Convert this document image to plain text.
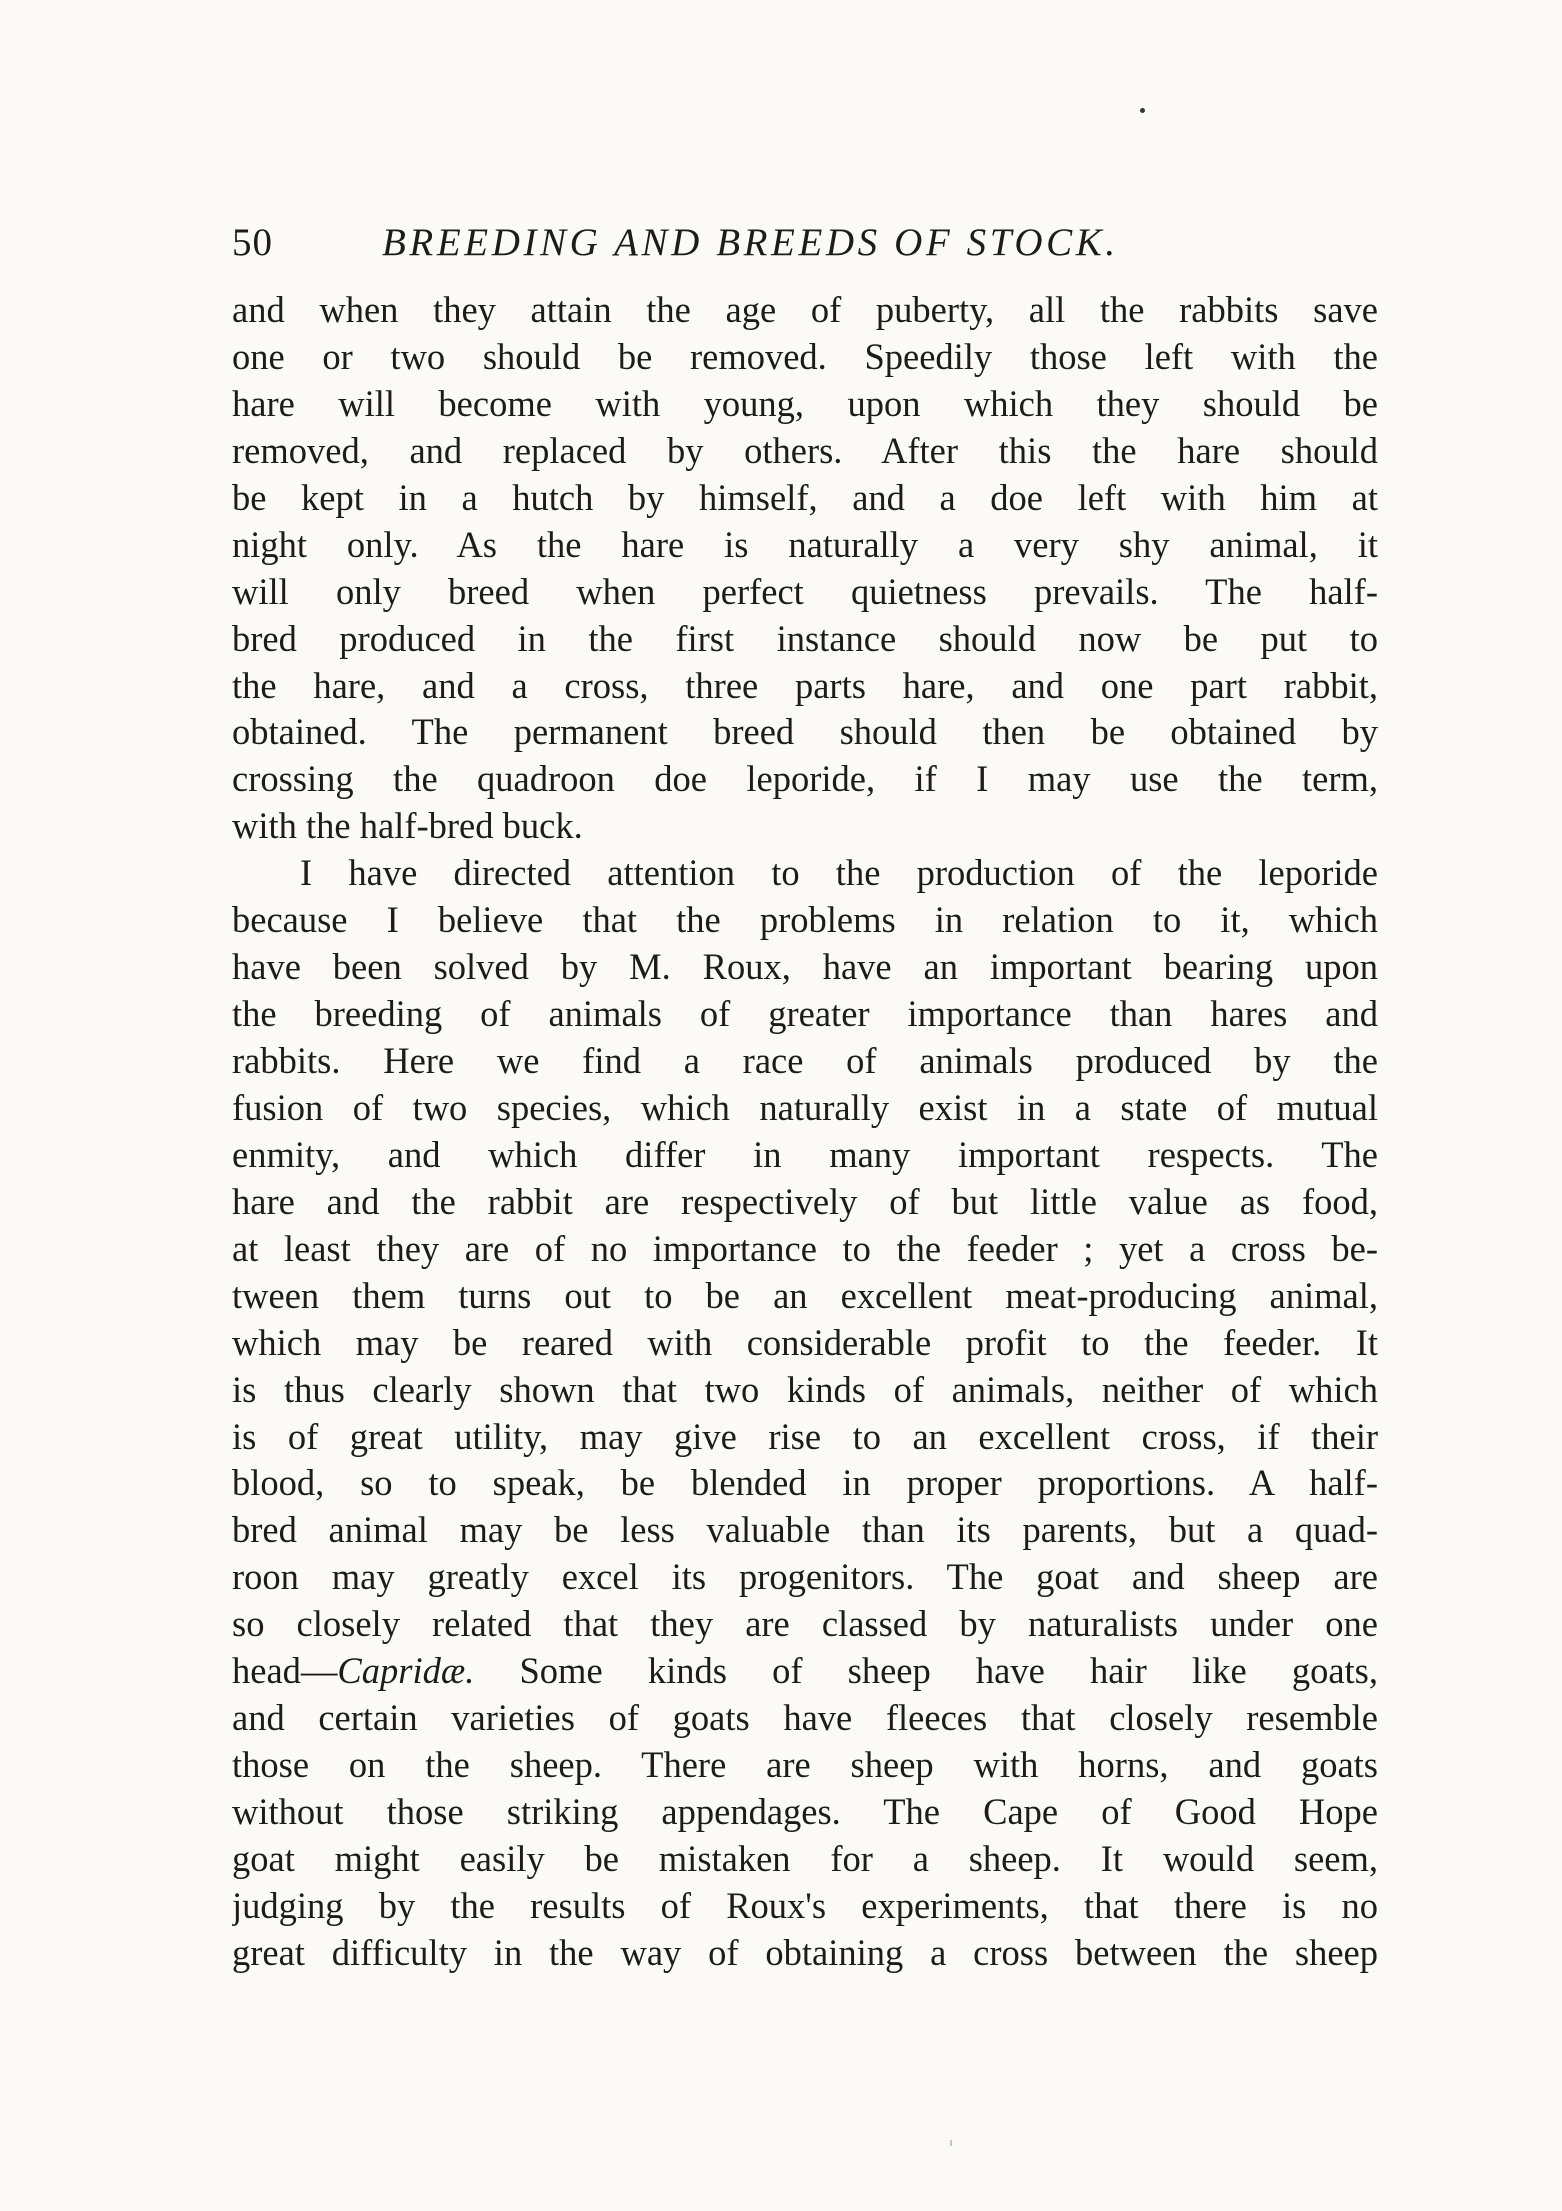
50	BREEDING AND BREEDS OF STOCK.
and when they attain the age of puberty, all the rabbits save
one or two should be removed. Speedily those left with the
hare will become with young, upon which they should be
removed, and replaced by others. After this the hare should
be kept in a hutch by himself, and a doe left with him at
night only. As the hare is naturally a very shy animal, it
will only breed when perfect quietness prevails. The half-
bred produced in the first instance should now be put to
the hare, and a cross, three parts hare, and one part rabbit,
obtained. The permanent breed should then be obtained by
crossing the quadroon doe leporide, if I may use the term,
with the half-bred buck.
I have directed attention to the production of the leporide
because I believe that the problems in relation to it, which
have been solved by M. Roux, have an important bearing upon
the breeding of animals of greater importance than hares and
rabbits. Here we find a race of animals produced by the
fusion of two species, which naturally exist in a state of mutual
enmity, and which differ in many important respects. The
hare and the rabbit are respectively of but little value as food,
at least they are of no importance to the feeder ; yet a cross be-
tween them turns out to be an excellent meat-producing animal,
which may be reared with considerable profit to the feeder. It
is thus clearly shown that two kinds of animals, neither of which
is of great utility, may give rise to an excellent cross, if their
blood, so to speak, be blended in proper proportions. A half-
bred animal may be less valuable than its parents, but a quad-
roon may greatly excel its progenitors. The goat and sheep are
so closely related that they are classed by naturalists under one
head—Capridæ. Some kinds of sheep have hair like goats,
and certain varieties of goats have fleeces that closely resemble
those on the sheep. There are sheep with horns, and goats
without those striking appendages. The Cape of Good Hope
goat might easily be mistaken for a sheep. It would seem,
judging by the results of Roux's experiments, that there is no
great difficulty in the way of obtaining a cross between the sheep
